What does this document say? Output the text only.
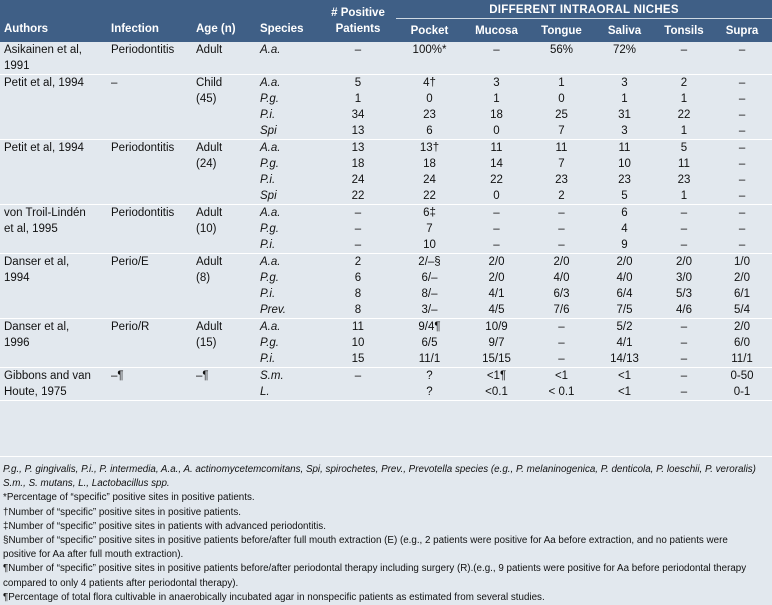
Authors	Infection	Age (n)	Species	# Positive
Patients	DIFFERENT INTRAORAL NICHES					
					Pocket	Mucosa	Tongue	Saliva	Tonsils	Supra
Asikainen et al,	Periodontitis	Adult	A.a.	–	100%*	–	56%	72%	–	–
1991										
Petit et al, 1994	–	Child	A.a.	5	4†	3	1	3	2	–
		(45)	P.g.	1	0	1	0	1	1	–
			P.i.	34	23	18	25	31	22	–
			Spi	13	6	0	7	3	1	–
Petit et al, 1994	Periodontitis	Adult	A.a.	13	13†	11	11	11	5	–
		(24)	P.g.	18	18	14	7	10	11	–
			P.i.	24	24	22	23	23	23	–
			Spi	22	22	0	2	5	1	–
von Troil-Lindén	Periodontitis	Adult	A.a.	–	6‡	–	–	6	–	–
et al, 1995		(10)	P.g.	–	7	–	–	4	–	–
			P.i.	–	10	–	–	9	–	–
Danser et al,	Perio/E	Adult	A.a.	2	2/–§	2/0	2/0	2/0	2/0	1/0
1994		(8)	P.g.	6	6/–	2/0	4/0	4/0	3/0	2/0
			P.i.	8	8/–	4/1	6/3	6/4	5/3	6/1
			Prev.	8	3/–	4/5	7/6	7/5	4/6	5/4
Danser et al,	Perio/R	Adult	A.a.	11	9/4¶	10/9	–	5/2	–	2/0
1996		(15)	P.g.	10	6/5	9/7	–	4/1	–	6/0
			P.i.	15	11/1	15/15	–	14/13	–	11/1
Gibbons and van	–¶	–¶	S.m.	–	?	<1¶	<1	<1	–	0-50
Houte, 1975			L.		?	<0.1	< 0.1	<1	–	0-1

P.g., P. gingivalis, P.i., P. intermedia, A.a., A. actinomycetemcomitans, Spi, spirochetes, Prev., Prevotella species (e.g., P. melaninogenica, P. denticola, P. loeschii, P. veroralis)

S.m., S. mutans, L., Lactobacillus spp.

*Percentage of “specific” positive sites in positive patients.

†Number of “specific” positive sites in positive patients.

‡Number of “specific” positive sites in patients with advanced periodontitis.

§Number of “specific” positive sites in positive patients before/after full mouth extraction (E) (e.g., 2 patients were positive for Aa before extraction, and no patients were

positive for Aa after full mouth extraction).

¶Number of “specific” positive sites in positive patients before/after periodontal therapy including surgery (R).(e.g., 9 patients were positive for Aa before periodontal therapy

compared to only 4 patients after periodontal therapy).

¶Percentage of total flora cultivable in anaerobically incubated agar in nonspecific patients as estimated from several studies.
